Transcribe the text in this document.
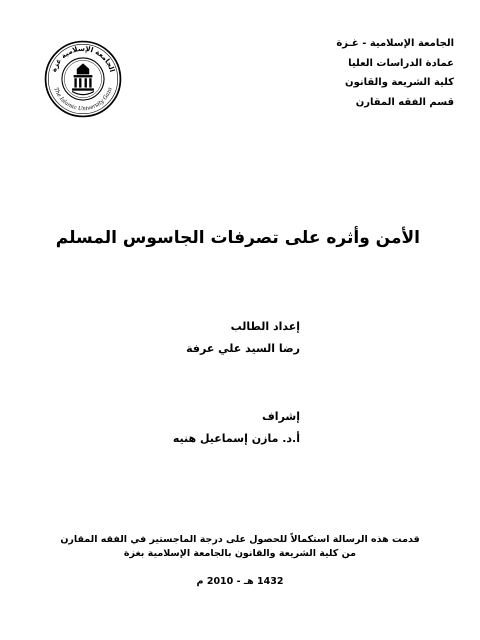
الجامعة الإسلامية - غـزة
عمادة الدراسات العليا
كلية الشريعة والقانون
قسم الفقه المقارن
الجامعة الإسلامية غزة
The Islamic University Gaza
الأمن وأثره على تصرفات الجاسوس المسلم
إعداد الطالب
رضا السيد علي عرفة
إشراف
أ.د. مازن إسماعيل هنيه
قدمت هذه الرسالة استكمالاً للحصول على درجة الماجستير في الفقه المقارن
من كلية الشريعة والقانون بالجامعة الإسلامية بغزة
1432 هـ - 2010 م
